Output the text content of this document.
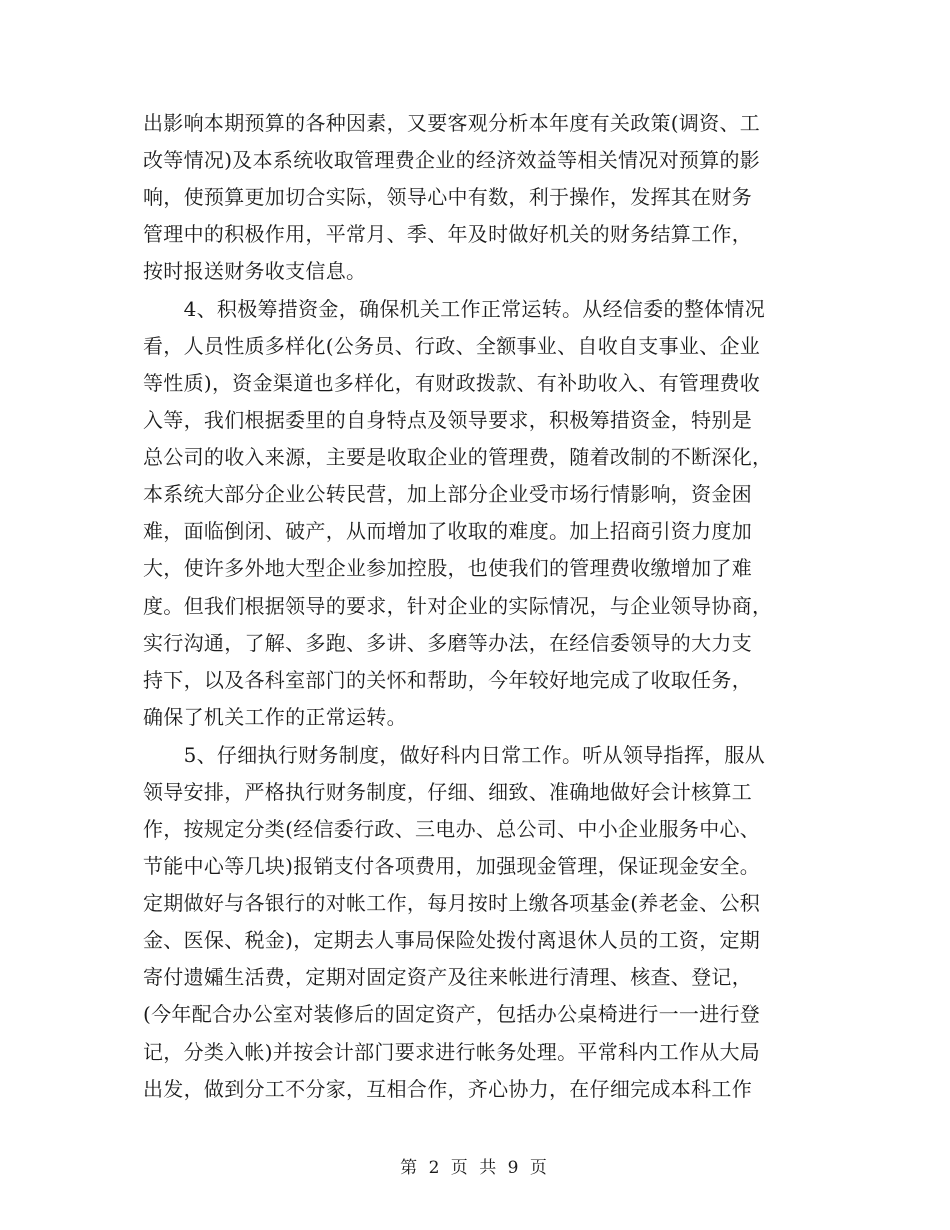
出影响本期预算的各种因素，又要客观分析本年度有关政策(调资、工
改等情况)及本系统收取管理费企业的经济效益等相关情况对预算的影
响，使预算更加切合实际，领导心中有数，利于操作，发挥其在财务
管理中的积极作用，平常月、季、年及时做好机关的财务结算工作，
按时报送财务收支信息。
　　4、积极筹措资金，确保机关工作正常运转。从经信委的整体情况
看，人员性质多样化(公务员、行政、全额事业、自收自支事业、企业
等性质)，资金渠道也多样化，有财政拨款、有补助收入、有管理费收
入等，我们根据委里的自身特点及领导要求，积极筹措资金，特别是
总公司的收入来源，主要是收取企业的管理费，随着改制的不断深化，
本系统大部分企业公转民营，加上部分企业受市场行情影响，资金困
难，面临倒闭、破产，从而增加了收取的难度。加上招商引资力度加
大，使许多外地大型企业参加控股，也使我们的管理费收缴增加了难
度。但我们根据领导的要求，针对企业的实际情况，与企业领导协商，
实行沟通，了解、多跑、多讲、多磨等办法，在经信委领导的大力支
持下，以及各科室部门的关怀和帮助，今年较好地完成了收取任务，
确保了机关工作的正常运转。
　　5、仔细执行财务制度，做好科内日常工作。听从领导指挥，服从
领导安排，严格执行财务制度，仔细、细致、准确地做好会计核算工
作，按规定分类(经信委行政、三电办、总公司、中小企业服务中心、
节能中心等几块)报销支付各项费用，加强现金管理，保证现金安全。
定期做好与各银行的对帐工作，每月按时上缴各项基金(养老金、公积
金、医保、税金)，定期去人事局保险处拨付离退休人员的工资，定期
寄付遗孀生活费，定期对固定资产及往来帐进行清理、核查、登记，
(今年配合办公室对装修后的固定资产，包括办公桌椅进行一一进行登
记，分类入帐)并按会计部门要求进行帐务处理。平常科内工作从大局
出发，做到分工不分家，互相合作，齐心协力，在仔细完成本科工作
第 2 页 共 9 页
